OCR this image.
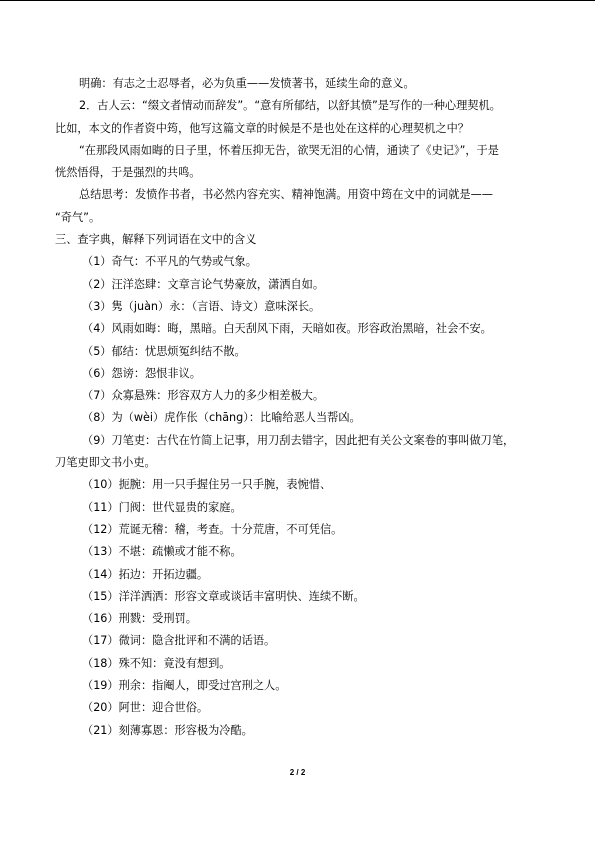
明确：有志之士忍辱者，必为负重——发愤著书，延续生命的意义。
2．古人云：“缀文者情动而辞发”。“意有所郁结，以舒其愤”是写作的一种心理契机。
比如，本文的作者资中筠，他写这篇文章的时候是不是也处在这样的心理契机之中？
“在那段风雨如晦的日子里，怀着压抑无告，欲哭无泪的心情，通读了《史记》”，于是
恍然悟得，于是强烈的共鸣。
总结思考：发愤作书者，书必然内容充实、精神饱满。用资中筠在文中的词就是——
“奇气”。
三、查字典，解释下列词语在文中的含义
（1）奇气：不平凡的气势或气象。
（2）汪洋恣肆：文章言论气势豪放，潇洒自如。
（3）隽（juàn）永：（言语、诗文）意味深长。
（4）风雨如晦：晦，黑暗。白天刮风下雨，天暗如夜。形容政治黑暗，社会不安。
（5）郁结：忧思烦冤纠结不散。
（6）怨谤：怨恨非议。
（7）众寡悬殊：形容双方人力的多少相差极大。
（8）为（wèi）虎作伥（chāng）：比喻给恶人当帮凶。
（9）刀笔吏：古代在竹简上记事，用刀刮去错字，因此把有关公文案卷的事叫做刀笔，
刀笔吏即文书小吏。
（10）扼腕：用一只手握住另一只手腕，表惋惜、
（11）门阀：世代显贵的家庭。
（12）荒诞无稽：稽，考查。十分荒唐，不可凭信。
（13）不堪：疏懒或才能不称。
（14）拓边：开拓边疆。
（15）洋洋洒洒：形容文章或谈话丰富明快、连续不断。
（16）刑戮：受刑罚。
（17）微词：隐含批评和不满的话语。
（18）殊不知：竟没有想到。
（19）刑余：指阉人，即受过宫刑之人。
（20）阿世：迎合世俗。
（21）刻薄寡恩：形容极为冷酷。
2 / 2
